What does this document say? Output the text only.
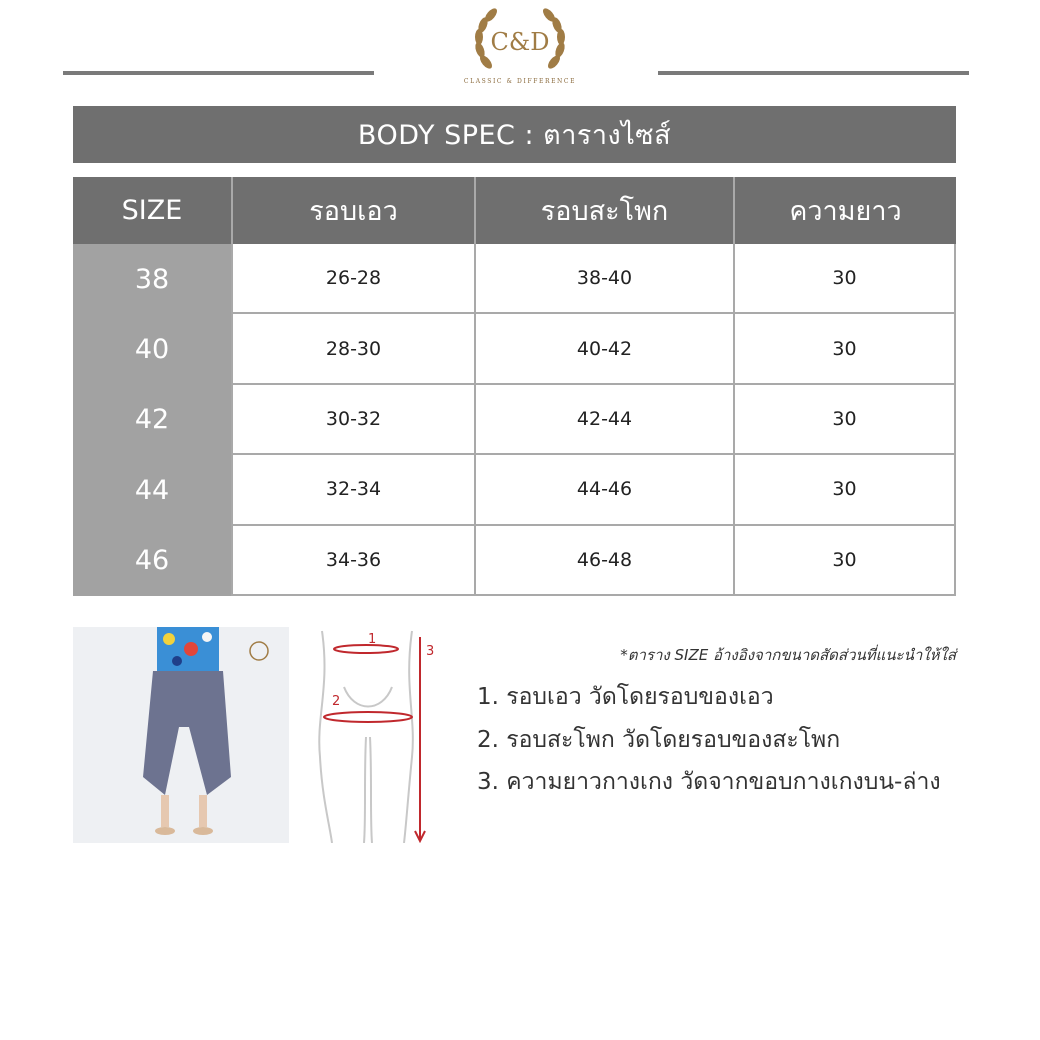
C&D
CLASSIC & DIFFERENCE
BODY SPEC : ตารางไซส์
SIZE	รอบเอว	รอบสะโพก	ความยาว
38	26-28	38-40	30
40	28-30	40-42	30
42	30-32	42-44	30
44	32-34	44-46	30
46	34-36	46-48	30
1
2
3	*ตาราง SIZE อ้างอิงจากขนาดสัดส่วนที่แนะนำให้ใส่
1. รอบเอว วัดโดยรอบของเอว
2. รอบสะโพก วัดโดยรอบของสะโพก
3. ความยาวกางเกง วัดจากขอบกางเกงบน-ล่าง
